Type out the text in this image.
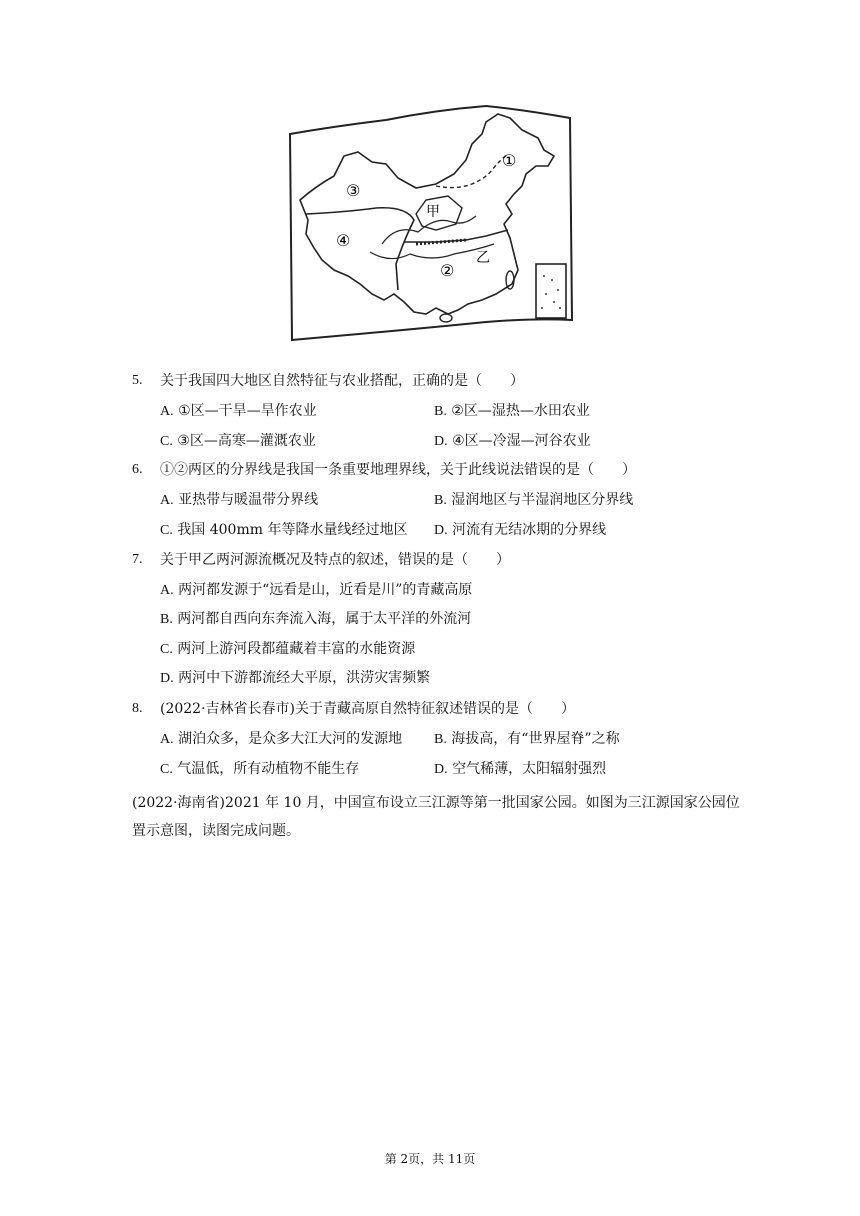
①
②
③
④
甲
乙
5. 关于我国四大地区自然特征与农业搭配，正确的是（　　）
A. ①区—干旱—旱作农业	B. ②区—湿热—水田农业
C. ③区—高寒—灌溉农业	D. ④区—冷湿—河谷农业
6. ①②两区的分界线是我国一条重要地理界线，关于此线说法错误的是（　　）
A. 亚热带与暖温带分界线	B. 湿润地区与半湿润地区分界线
C. 我国 400mm 年等降水量线经过地区 D. 河流有无结冰期的分界线
7. 关于甲乙两河源流概况及特点的叙述，错误的是（　　）
A. 两河都发源于“远看是山，近看是川”的青藏高原
B. 两河都自西向东奔流入海，属于太平洋的外流河
C. 两河上游河段都蕴藏着丰富的水能资源
D. 两河中下游都流经大平原，洪涝灾害频繁
8. (2022·吉林省长春市)关于青藏高原自然特征叙述错误的是（　　）
A. 湖泊众多，是众多大江大河的发源地 B. 海拔高，有“世界屋脊”之称
C. 气温低，所有动植物不能生存	D. 空气稀薄，太阳辐射强烈
(2022·海南省)2021 年 10 月，中国宣布设立三江源等第一批国家公园。如图为三江源国家公园位置示意图，读图完成问题。
第 2页，共 11页
